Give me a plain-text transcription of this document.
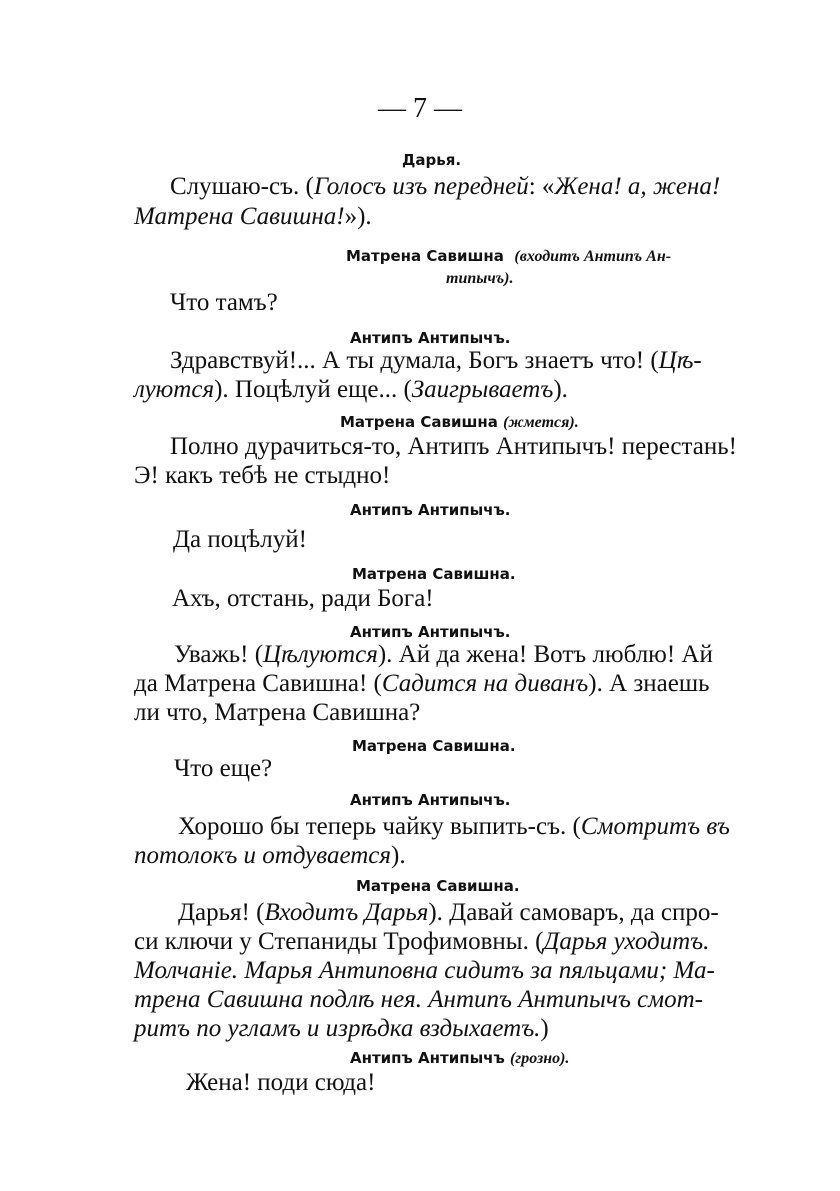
— 7 —
Дарья.
Слушаю-съ. (Голосъ изъ передней: «Жена! а, жена!
Матрена Савишна!»).
Матрена Савишна (входитъ Антипъ Ан-
типычъ).
Что тамъ?
Антипъ Антипычъ.
Здравствуй!... А ты думала, Богъ знаетъ что! (Цѣ-
луются). Поцѣлуй еще... (Заигрываетъ).
Матрена Савишна (жмется).
Полно дурачиться-то, Антипъ Антипычъ! перестань!
Э! какъ тебѣ не стыдно!
Антипъ Антипычъ.
Да поцѣлуй!
Матрена Савишна.
Ахъ, отстань, ради Бога!
Антипъ Антипычъ.
Уважь! (Цѣлуются). Ай да жена! Вотъ люблю! Ай
да Матрена Савишна! (Садится на диванъ). А знаешь
ли что, Матрена Савишна?
Матрена Савишна.
Что еще?
Антипъ Антипычъ.
Хорошо бы теперь чайку выпить-съ. (Смотритъ въ
потолокъ и отдувается).
Матрена Савишна.
Дарья! (Входитъ Дарья). Давай самоваръ, да спро-
си ключи у Степаниды Трофимовны. (Дарья уходитъ.
Молчаніе. Марья Антиповна сидитъ за пяльцами; Ма-
трена Савишна подлѣ нея. Антипъ Антипычъ смот-
ритъ по угламъ и изрѣдка вздыхаетъ.)
Антипъ Антипычъ (грозно).
Жена! поди сюда!
